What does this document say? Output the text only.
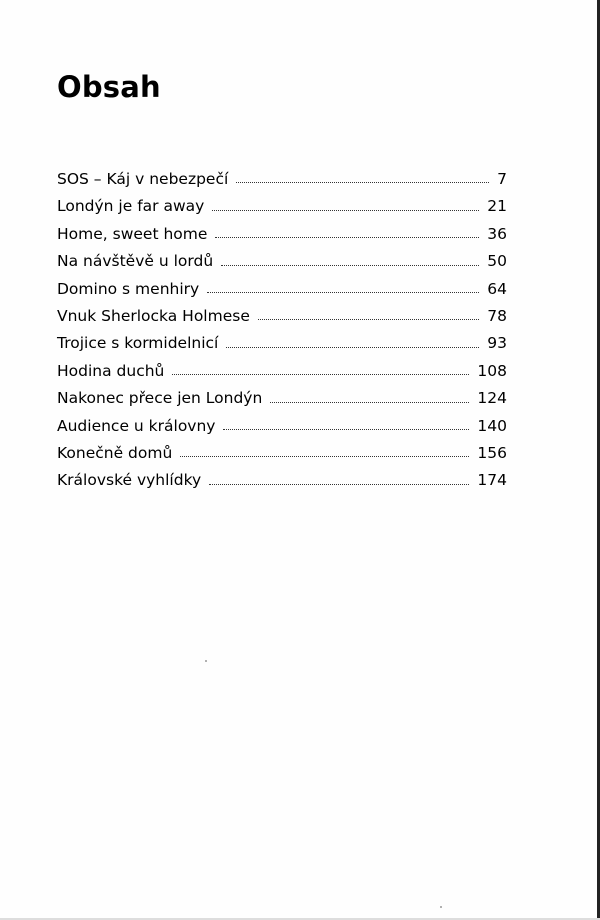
Obsah
SOS – Káj v nebezpečí	7
Londýn je far away	21
Home, sweet home	36
Na návštěvě u lordů	50
Domino s menhiry	64
Vnuk Sherlocka Holmese	78
Trojice s kormidelnicí	93
Hodina duchů	108
Nakonec přece jen Londýn	124
Audience u královny	140
Konečně domů	156
Královské vyhlídky	174
